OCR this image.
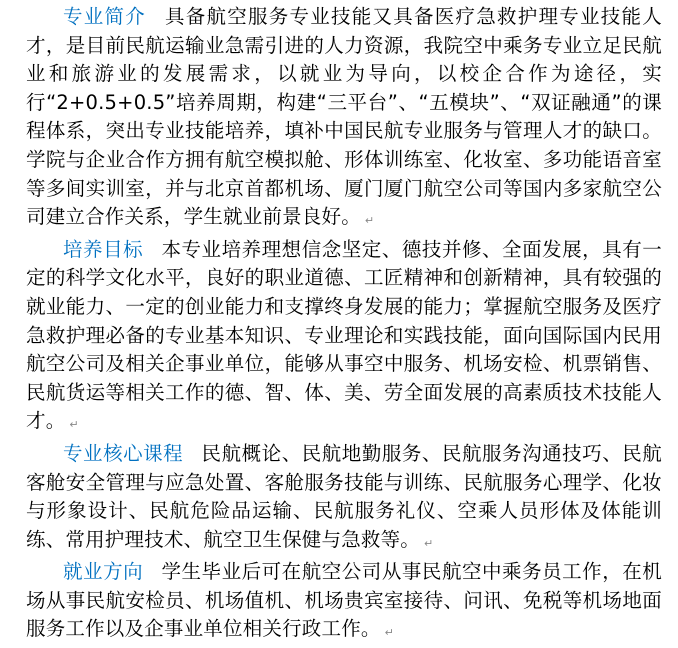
专业简介 具备航空服务专业技能又具备医疗急救护理专业技能人才，是目前民航运输业急需引进的人力资源，我院空中乘务专业立足民航业和旅游业的发展需求，以就业为导向，以校企合作为途径，实行“2+0.5+0.5”培养周期，构建“三平台”、“五模块”、“双证融通”的课程体系，突出专业技能培养，填补中国民航专业服务与管理人才的缺口。学院与企业合作方拥有航空模拟舱、形体训练室、化妆室、多功能语音室等多间实训室，并与北京首都机场、厦门厦门航空公司等国内多家航空公司建立合作关系，学生就业前景良好。 ↵

培养目标 本专业培养理想信念坚定、德技并修、全面发展，具有一定的科学文化水平，良好的职业道德、工匠精神和创新精神，具有较强的就业能力、一定的创业能力和支撑终身发展的能力；掌握航空服务及医疗急救护理必备的专业基本知识、专业理论和实践技能，面向国际国内民用航空公司及相关企事业单位，能够从事空中服务、机场安检、机票销售、民航货运等相关工作的德、智、体、美、劳全面发展的高素质技术技能人才。 ↵

专业核心课程 民航概论、民航地勤服务、民航服务沟通技巧、民航客舱安全管理与应急处置、客舱服务技能与训练、民航服务心理学、化妆与形象设计、民航危险品运输、民航服务礼仪、空乘人员形体及体能训练、常用护理技术、航空卫生保健与急救等。 ↵

就业方向 学生毕业后可在航空公司从事民航空中乘务员工作，在机场从事民航安检员、机场值机、机场贵宾室接待、问讯、免税等机场地面服务工作以及企事业单位相关行政工作。 ↵
